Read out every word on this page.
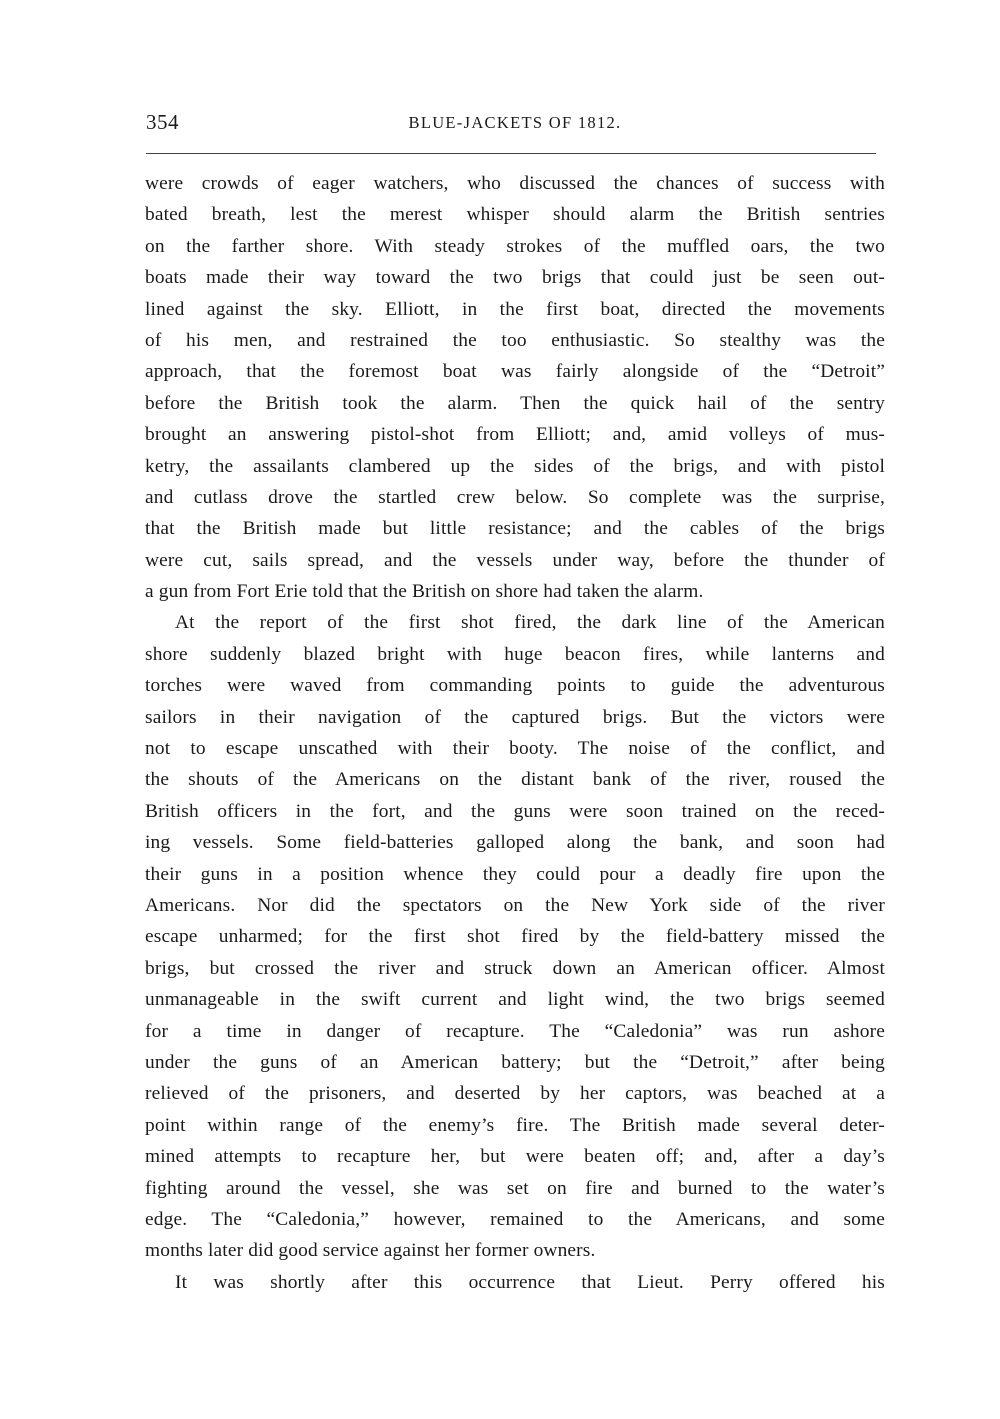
354	BLUE-JACKETS OF 1812.
were crowds of eager watchers, who discussed the chances of success with
bated breath, lest the merest whisper should alarm the British sentries
on the farther shore. With steady strokes of the muffled oars, the two
boats made their way toward the two brigs that could just be seen out-
lined against the sky. Elliott, in the first boat, directed the movements
of his men, and restrained the too enthusiastic. So stealthy was the
approach, that the foremost boat was fairly alongside of the “Detroit”
before the British took the alarm. Then the quick hail of the sentry
brought an answering pistol-shot from Elliott; and, amid volleys of mus-
ketry, the assailants clambered up the sides of the brigs, and with pistol
and cutlass drove the startled crew below. So complete was the surprise,
that the British made but little resistance; and the cables of the brigs
were cut, sails spread, and the vessels under way, before the thunder of
a gun from Fort Erie told that the British on shore had taken the alarm.
At the report of the first shot fired, the dark line of the American
shore suddenly blazed bright with huge beacon fires, while lanterns and
torches were waved from commanding points to guide the adventurous
sailors in their navigation of the captured brigs. But the victors were
not to escape unscathed with their booty. The noise of the conflict, and
the shouts of the Americans on the distant bank of the river, roused the
British officers in the fort, and the guns were soon trained on the reced-
ing vessels. Some field-batteries galloped along the bank, and soon had
their guns in a position whence they could pour a deadly fire upon the
Americans. Nor did the spectators on the New York side of the river
escape unharmed; for the first shot fired by the field-battery missed the
brigs, but crossed the river and struck down an American officer. Almost
unmanageable in the swift current and light wind, the two brigs seemed
for a time in danger of recapture. The “Caledonia” was run ashore
under the guns of an American battery; but the “Detroit,” after being
relieved of the prisoners, and deserted by her captors, was beached at a
point within range of the enemy’s fire. The British made several deter-
mined attempts to recapture her, but were beaten off; and, after a day’s
fighting around the vessel, she was set on fire and burned to the water’s
edge. The “Caledonia,” however, remained to the Americans, and some
months later did good service against her former owners.
It was shortly after this occurrence that Lieut. Perry offered his
